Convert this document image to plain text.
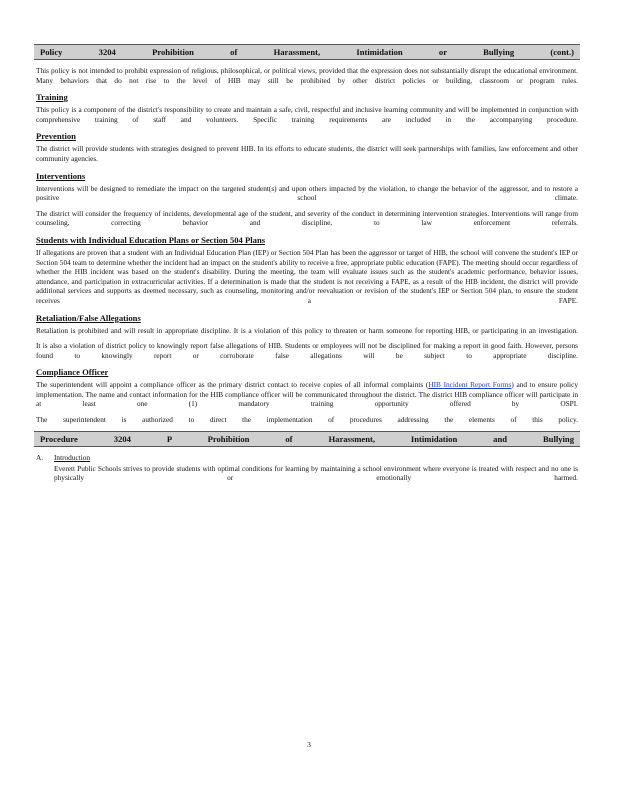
Policy 3204 Prohibition of Harassment, Intimidation or Bullying (cont.)

This policy is not intended to prohibit expression of religious, philosophical, or political views, provided that the expression does not substantially disrupt the educational environment. Many behaviors that do not rise to the level of HIB may still be prohibited by other district policies or building, classroom or program rules.

Training

This policy is a component of the district's responsibility to create and maintain a safe, civil, respectful and inclusive learning community and will be implemented in conjunction with comprehensive training of staff and volunteers. Specific training requirements are included in the accompanying procedure.

Prevention

The district will provide students with strategies designed to prevent HIB. In its efforts to educate students, the district will seek partnerships with families, law enforcement and other community agencies.

Interventions

Interventions will be designed to remediate the impact on the targeted student(s) and upon others impacted by the violation, to change the behavior of the aggressor, and to restore a positive school climate.

The district will consider the frequency of incidents, developmental age of the student, and severity of the conduct in determining intervention strategies. Interventions will range from counseling, correcting behavior and discipline, to law enforcement referrals.

Students with Individual Education Plans or Section 504 Plans

If allegations are proven that a student with an Individual Education Plan (IEP) or Section 504 Plan has been the aggressor or target of HIB, the school will convene the student's IEP or Section 504 team to determine whether the incident had an impact on the student's ability to receive a free, appropriate public education (FAPE). The meeting should occur regardless of whether the HIB incident was based on the student's disability. During the meeting, the team will evaluate issues such as the student's academic performance, behavior issues, attendance, and participation in extracurricular activities. If a determination is made that the student is not receiving a FAPE, as a result of the HIB incident, the district will provide additional services and supports as deemed necessary, such as counseling, monitoring and/or reevaluation or revision of the student's IEP or Section 504 plan, to ensure the student receives a FAPE.

Retaliation/False Allegations

Retaliation is prohibited and will result in appropriate discipline. It is a violation of this policy to threaten or harm someone for reporting HIB, or participating in an investigation.

It is also a violation of district policy to knowingly report false allegations of HIB. Students or employees will not be disciplined for making a report in good faith. However, persons found to knowingly report or corroborate false allegations will be subject to appropriate discipline.

Compliance Officer

The superintendent will appoint a compliance officer as the primary district contact to receive copies of all informal complaints (HIB Incident Report Forms) and to ensure policy implementation. The name and contact information for the HIB compliance officer will be communicated throughout the district. The district HIB compliance officer will participate in at least one (1) mandatory training opportunity offered by OSPI.

The superintendent is authorized to direct the implementation of procedures addressing the elements of this policy.

Procedure 3204 P Prohibition of Harassment, Intimidation and Bullying
A.	Introduction

Everett Public Schools strives to provide students with optimal conditions for learning by maintaining a school environment where everyone is treated with respect and no one is physically or emotionally harmed.

3
